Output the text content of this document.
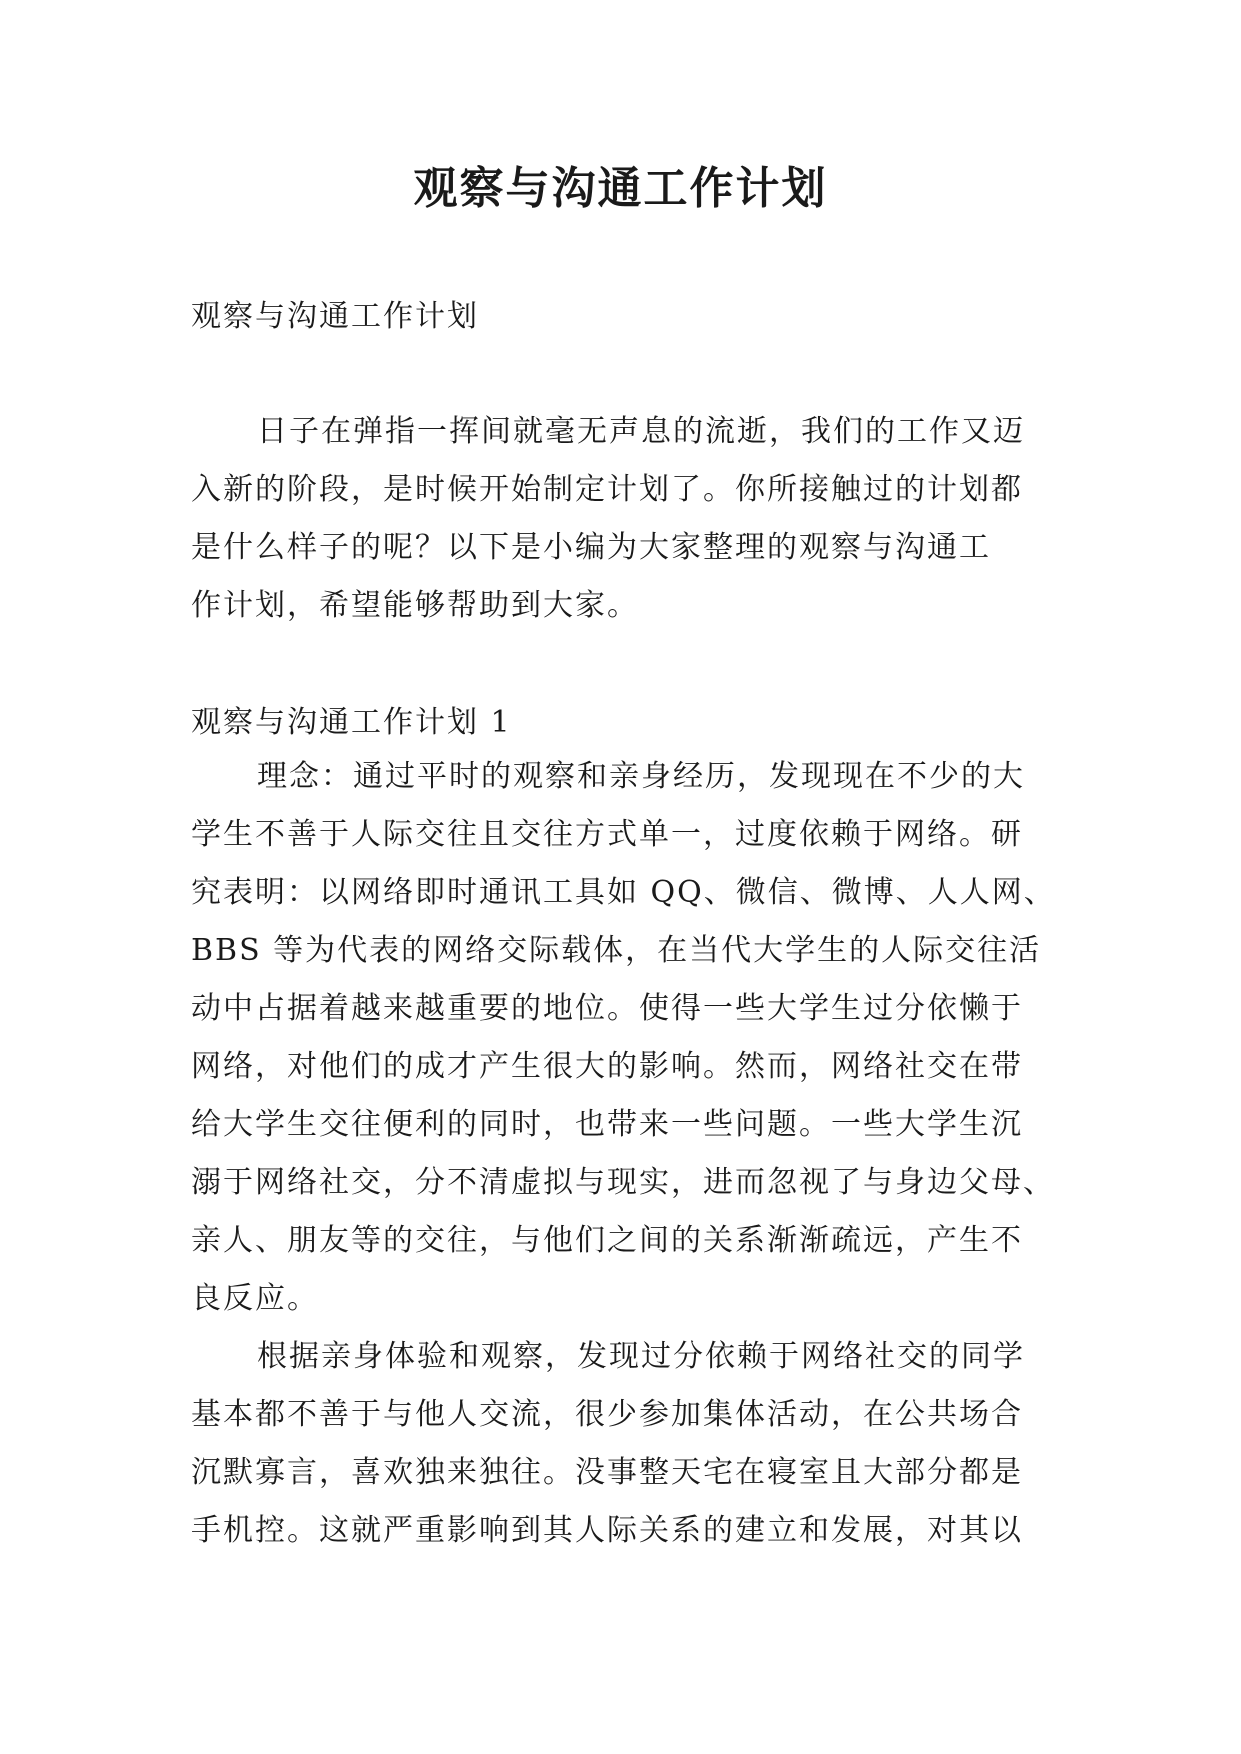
观察与沟通工作计划

观察与沟通工作计划

日子在弹指一挥间就毫无声息的流逝，我们的工作又迈
入新的阶段，是时候开始制定计划了。你所接触过的计划都
是什么样子的呢？以下是小编为大家整理的观察与沟通工
作计划，希望能够帮助到大家。

观察与沟通工作计划 1

理念：通过平时的观察和亲身经历，发现现在不少的大
学生不善于人际交往且交往方式单一，过度依赖于网络。研
究表明：以网络即时通讯工具如 QQ、微信、微博、人人网、
BBS 等为代表的网络交际载体，在当代大学生的人际交往活
动中占据着越来越重要的地位。使得一些大学生过分依懒于
网络，对他们的成才产生很大的影响。然而，网络社交在带
给大学生交往便利的同时，也带来一些问题。一些大学生沉
溺于网络社交，分不清虚拟与现实，进而忽视了与身边父母、
亲人、朋友等的交往，与他们之间的关系渐渐疏远，产生不
良反应。
根据亲身体验和观察，发现过分依赖于网络社交的同学
基本都不善于与他人交流，很少参加集体活动，在公共场合
沉默寡言，喜欢独来独往。没事整天宅在寝室且大部分都是
手机控。这就严重影响到其人际关系的建立和发展，对其以
